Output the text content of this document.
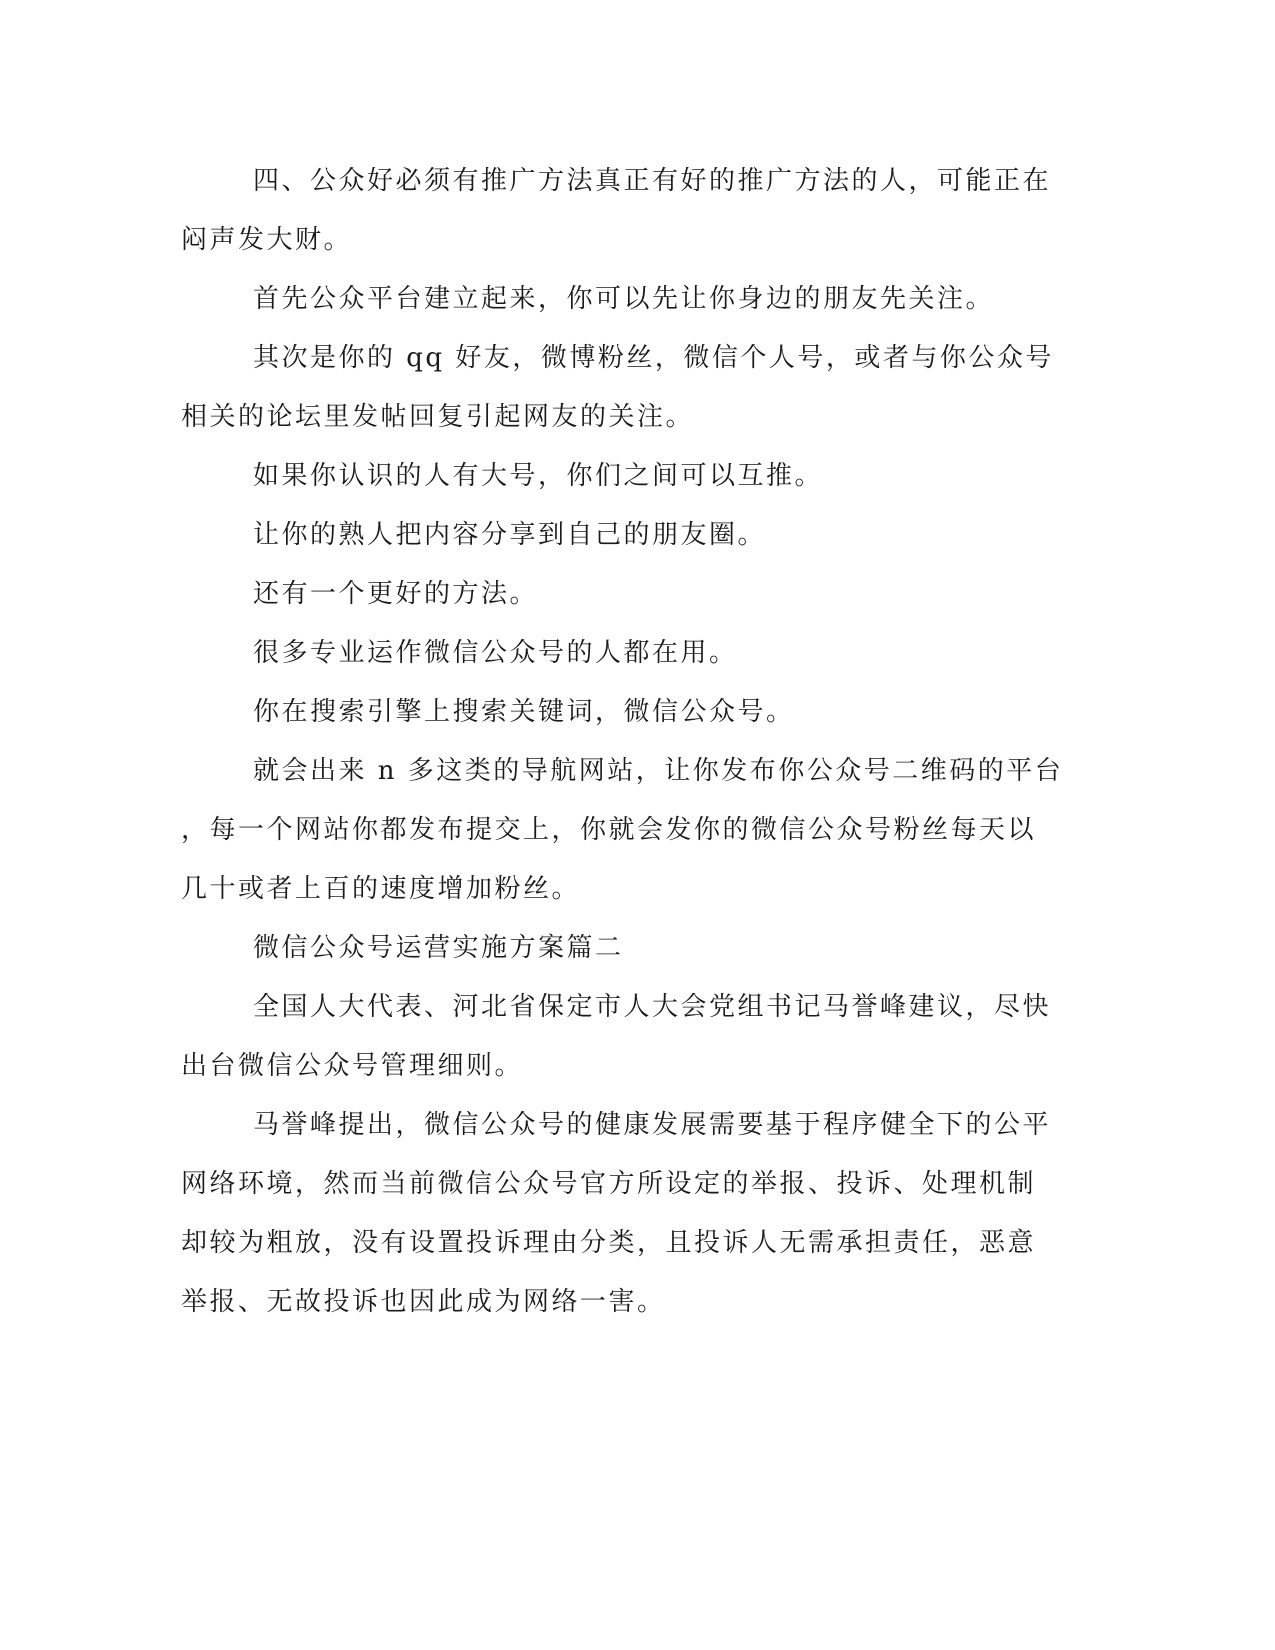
四、公众好必须有推广方法真正有好的推广方法的人，可能正在
闷声发大财。

首先公众平台建立起来，你可以先让你身边的朋友先关注。

其次是你的 qq 好友，微博粉丝，微信个人号，或者与你公众号
相关的论坛里发帖回复引起网友的关注。

如果你认识的人有大号，你们之间可以互推。

让你的熟人把内容分享到自己的朋友圈。

还有一个更好的方法。

很多专业运作微信公众号的人都在用。

你在搜索引擎上搜索关键词，微信公众号。

就会出来 n 多这类的导航网站，让你发布你公众号二维码的平台
，每一个网站你都发布提交上，你就会发你的微信公众号粉丝每天以
几十或者上百的速度增加粉丝。

微信公众号运营实施方案篇二

全国人大代表、河北省保定市人大会党组书记马誉峰建议，尽快
出台微信公众号管理细则。

马誉峰提出，微信公众号的健康发展需要基于程序健全下的公平
网络环境，然而当前微信公众号官方所设定的举报、投诉、处理机制
却较为粗放，没有设置投诉理由分类，且投诉人无需承担责任，恶意
举报、无故投诉也因此成为网络一害。
